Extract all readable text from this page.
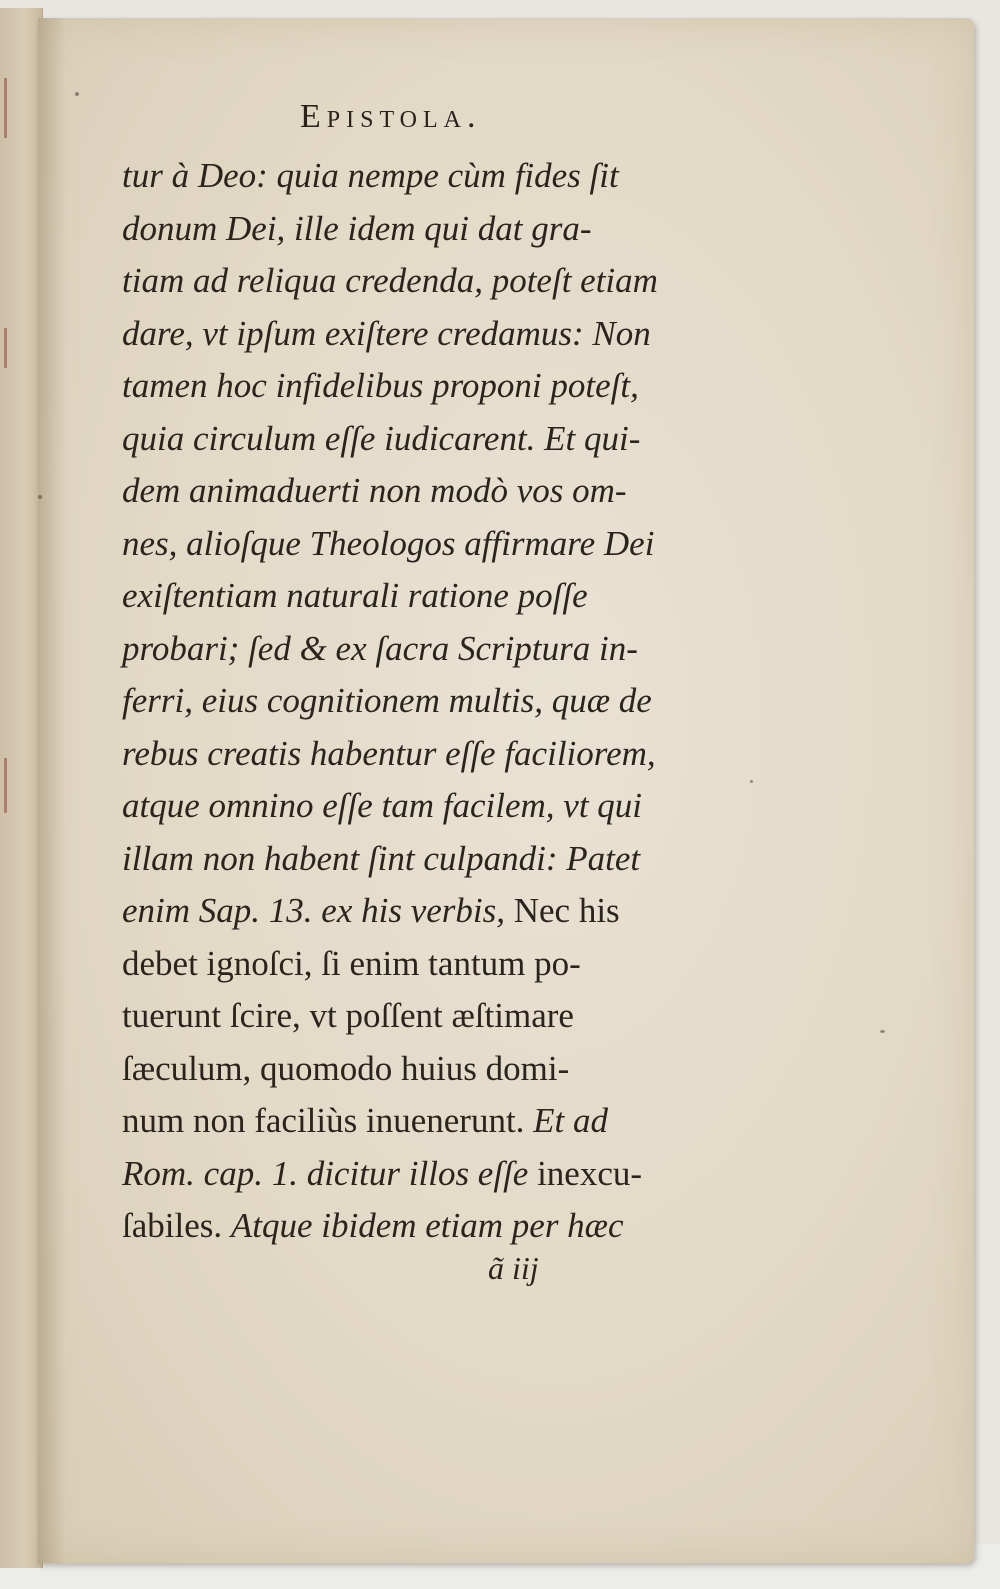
Epistola.
tur à Deo: quia nempe cùm fides ſit
donum Dei, ille idem qui dat gra-
tiam ad reliqua credenda, poteſt etiam
dare, vt ipſum exiſtere credamus: Non
tamen hoc infidelibus proponi poteſt,
quia circulum eſſe iudicarent. Et qui-
dem animaduerti non modò vos om-
nes, alioſque Theologos affirmare Dei
exiſtentiam naturali ratione poſſe
probari; ſed & ex ſacra Scriptura in-
ferri, eius cognitionem multis, quæ de
rebus creatis habentur eſſe faciliorem,
atque omnino eſſe tam facilem, vt qui
illam non habent ſint culpandi: Patet
enim Sap. 13. ex his verbis, Nec his
debet ignoſci, ſi enim tantum po-
tuerunt ſcire, vt poſſent æſtimare
ſæculum, quomodo huius domi-
num non faciliùs inuenerunt. Et ad
Rom. cap. 1. dicitur illos eſſe inexcu-
ſabiles. Atque ibidem etiam per hæc
ã iij
